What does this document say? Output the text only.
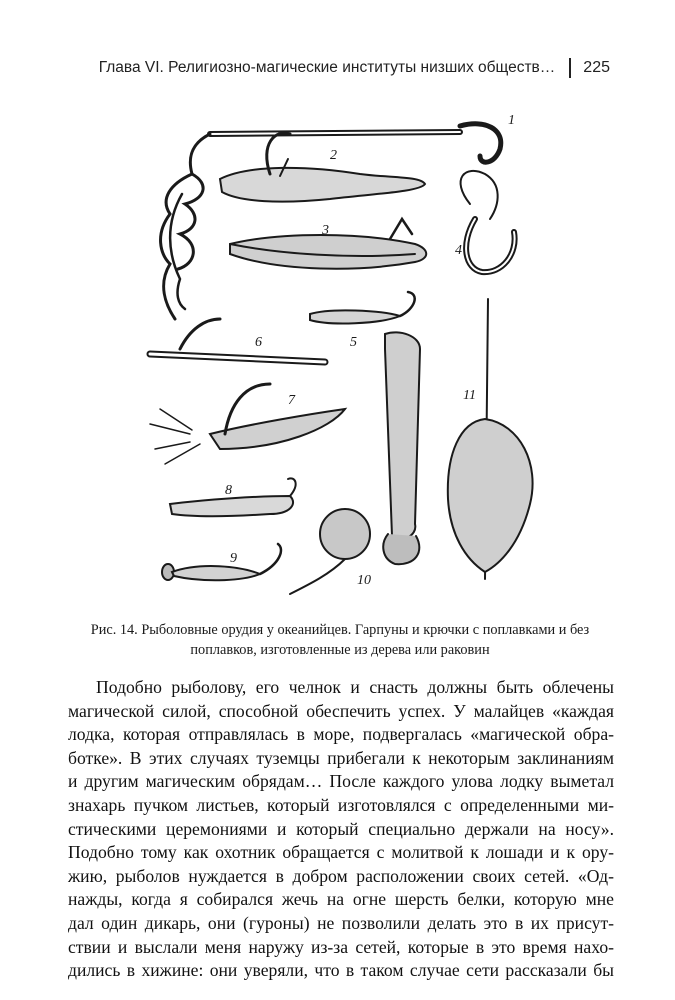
Глава VI. Религиозно-магические институты низших обществ… 225
1
2
3
4
5
6
7
8
9
10
11
Рис. 14. Рыболовные орудия у океанийцев. Гарпуны и крючки с поплавками и без
поплавков, изготовленные из дерева или раковин
Подобно рыболову, его челнок и снасть должны быть облечены
магической силой, способной обеспечить успех. У малайцев «каждая
лодка, которая отправлялась в море, подвергалась «магической обра-
ботке». В этих случаях туземцы прибегали к некоторым заклинаниям
и другим магическим обрядам… После каждого улова лодку выметал
знахарь пучком листьев, который изготовлялся с определенными ми-
стическими церемониями и который специально держали на носу».
Подобно тому как охотник обращается с молитвой к лошади и к ору-
жию, рыболов нуждается в добром расположении своих сетей. «Од-
нажды, когда я собирался жечь на огне шерсть белки, которую мне
дал один дикарь, они (гуроны) не позволили делать это в их присут-
ствии и выслали меня наружу из-за сетей, которые в это время нахо-
дились в хижине: они уверяли, что в таком случае сети рассказали бы
